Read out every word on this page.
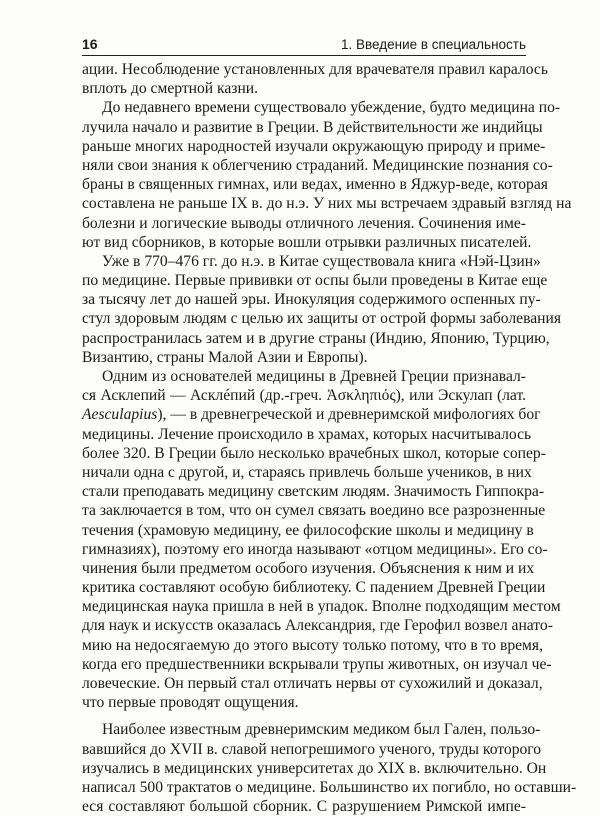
16	1. Введение в специальность
ации. Несоблюдение установленных для врачевателя правил каралось
вплоть до смертной казни.
До недавнего времени существовало убеждение, будто медицина по-
лучила начало и развитие в Греции. В действительности же индийцы
раньше многих народностей изучали окружающую природу и приме-
няли свои знания к облегчению страданий. Медицинские познания со-
браны в священных гимнах, или ведах, именно в Яджур-веде, которая
составлена не раньше IX в. до н.э. У них мы встречаем здравый взгляд на
болезни и логические выводы отличного лечения. Сочинения име-
ют вид сборников, в которые вошли отрывки различных писателей.
Уже в 770–476 гг. до н.э. в Китае существовала книга «Нэй-Цзин»
по медицине. Первые прививки от оспы были проведены в Китае еще
за тысячу лет до нашей эры. Инокуляция содержимого оспенных пу-
стул здоровым людям с целью их защиты от острой формы заболевания
распространилась затем и в другие страны (Индию, Японию, Турцию,
Византию, страны Малой Азии и Европы).
Одним из основателей медицины в Древней Греции признавал-
ся Асклепий — Асклéпий (др.-греч. Ἀσκληπιός), или Эскулап (лат.
Aesculapius), — в древнегреческой и древнеримской мифологиях бог
медицины. Лечение происходило в храмах, которых насчитывалось
более 320. В Греции было несколько врачебных школ, которые сопер-
ничали одна с другой, и, стараясь привлечь больше учеников, в них
стали преподавать медицину светским людям. Значимость Гиппокра-
та заключается в том, что он сумел связать воедино все разрозненные
течения (храмовую медицину, ее философские школы и медицину в
гимназиях), поэтому его иногда называют «отцом медицины». Его со-
чинения были предметом особого изучения. Объяснения к ним и их
критика составляют особую библиотеку. С падением Древней Греции
медицинская наука пришла в ней в упадок. Вполне подходящим местом
для наук и искусств оказалась Александрия, где Герофил возвел анато-
мию на недосягаемую до этого высоту только потому, что в то время,
когда его предшественники вскрывали трупы животных, он изучал че-
ловеческие. Он первый стал отличать нервы от сухожилий и доказал,
что первые проводят ощущения.
Наиболее известным древнеримским медиком был Гален, пользо-
вавшийся до XVII в. славой непогрешимого ученого, труды которого
изучались в медицинских университетах до XIX в. включительно. Он
написал 500 трактатов о медицине. Большинство их погибло, но оставши-
еся составляют большой сборник. С разрушением Римской импе-
